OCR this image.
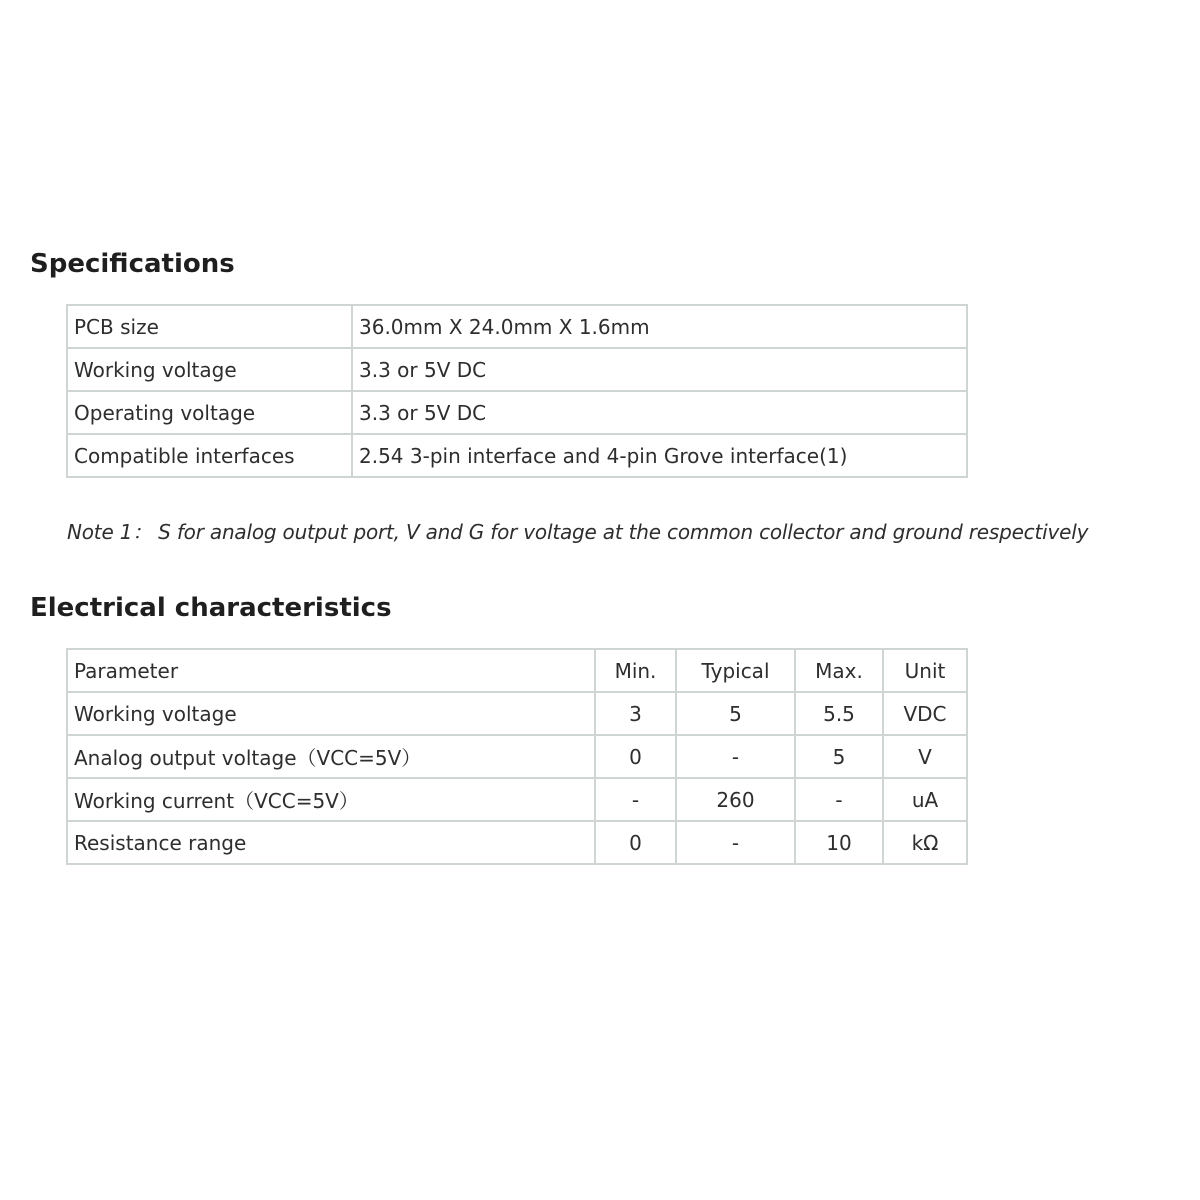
Specifications
PCB size	36.0mm X 24.0mm X 1.6mm
Working voltage	3.3 or 5V DC
Operating voltage	3.3 or 5V DC
Compatible interfaces	2.54 3-pin interface and 4-pin Grove interface(1)

Note 1： S for analog output port, V and G for voltage at the common collector and ground respectively

Electrical characteristics
Parameter	Min.	Typical	Max.	Unit
Working voltage	3	5	5.5	VDC
Analog output voltage（VCC=5V）	0	-	5	V
Working current（VCC=5V）	-	260	-	uA
Resistance range	0	-	10	kΩ
